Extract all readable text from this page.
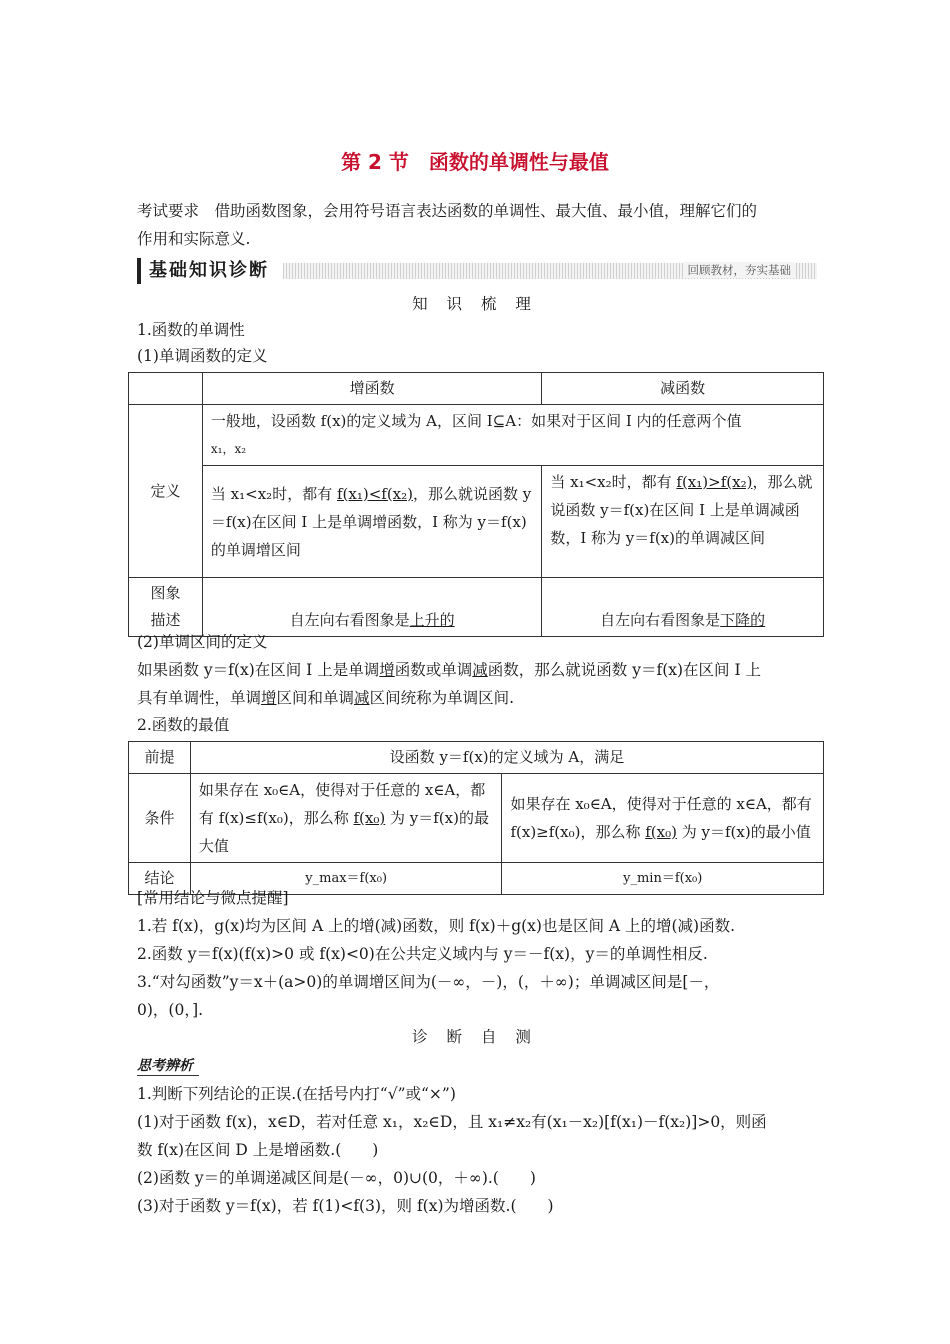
第 2 节　函数的单调性与最值
考试要求　借助函数图象，会用符号语言表达函数的单调性、最大值、最小值，理解它们的
作用和实际意义.
基础知识诊断	回顾教材，夯实基础
知 识 梳 理
1.函数的单调性
(1)单调函数的定义
	增函数	减函数
定义	一般地，设函数 f(x)的定义域为 A，区间 I⊆A：如果对于区间 I 内的任意两个值
x₁，x₂	

	当 x₁<x₂时，都有 f(x₁)<f(x₂)，那么就说函数 y＝f(x)在区间 I 上是单调增函数，I 称为 y＝f(x)的单调增区间	当 x₁<x₂时，都有 f(x₁)>f(x₂)，那么就说函数 y＝f(x)在区间 I 上是单调减函数，I 称为 y＝f(x)的单调减区间

图象
描述	自左向右看图象是上升的	自左向右看图象是下降的
(2)单调区间的定义
如果函数 y＝f(x)在区间 I 上是单调增函数或单调减函数，那么就说函数 y＝f(x)在区间 I 上
具有单调性，单调增区间和单调减区间统称为单调区间.
2.函数的最值
前提	设函数 y＝f(x)的定义域为 A，满足	
条件	如果存在 x₀∈A，使得对于任意的 x∈A，都有 f(x)≤f(x₀)，那么称 f(x₀) 为 y＝f(x)的最大值	如果存在 x₀∈A，使得对于任意的 x∈A，都有 f(x)≥f(x₀)，那么称 f(x₀) 为 y＝f(x)的最小值
结论	y_max＝f(x₀)	y_min＝f(x₀)
[常用结论与微点提醒]
1.若 f(x)，g(x)均为区间 A 上的增(减)函数，则 f(x)＋g(x)也是区间 A 上的增(减)函数.
2.函数 y＝f(x)(f(x)>0 或 f(x)<0)在公共定义域内与 y＝－f(x)，y＝的单调性相反.
3.“对勾函数”y＝x＋(a>0)的单调增区间为(－∞，－)，(，＋∞)；单调减区间是[－，
0)，(0，].
诊 断 自 测
思考辨析
1.判断下列结论的正误.(在括号内打“√”或“×”)
(1)对于函数 f(x)，x∈D，若对任意 x₁，x₂∈D，且 x₁≠x₂有(x₁－x₂)[f(x₁)－f(x₂)]>0，则函
数 f(x)在区间 D 上是增函数.(　　)
(2)函数 y＝的单调递减区间是(－∞，0)∪(0，＋∞).(　　)
(3)对于函数 y＝f(x)，若 f(1)<f(3)，则 f(x)为增函数.(　　)
